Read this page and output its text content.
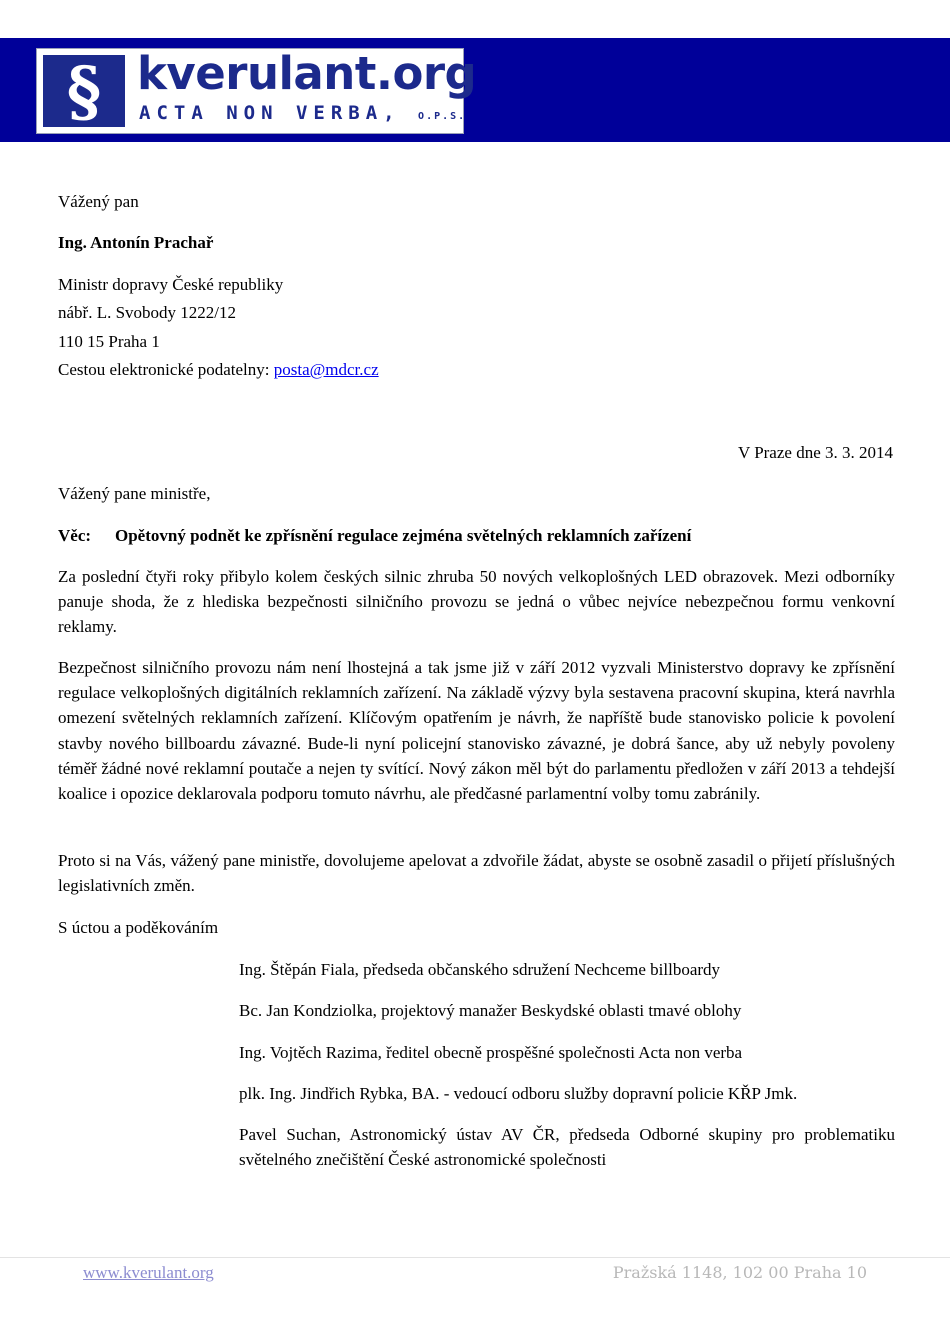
§ kverulant.org
ACTA NON VERBA, O.P.S.
Vážený pan
Ing. Antonín Prachař
Ministr dopravy České republiky
nábř. L. Svobody 1222/12
110 15 Praha 1
Cestou elektronické podatelny: posta@mdcr.cz
V Praze dne 3. 3. 2014
Vážený pane ministře,
Věc: Opětovný podnět ke zpřísnění regulace zejména světelných reklamních zařízení
Za poslední čtyři roky přibylo kolem českých silnic zhruba 50 nových velkoplošných LED obrazovek. Mezi odborníky panuje shoda, že z hlediska bezpečnosti silničního provozu se jedná o vůbec nejvíce nebezpečnou formu venkovní reklamy.
Bezpečnost silničního provozu nám není lhostejná a tak jsme již v září 2012 vyzvali Ministerstvo dopravy ke zpřísnění regulace velkoplošných digitálních reklamních zařízení. Na základě výzvy byla sestavena pracovní skupina, která navrhla omezení světelných reklamních zařízení. Klíčovým opatřením je návrh, že napříště bude stanovisko policie k povolení stavby nového billboardu závazné. Bude-li nyní policejní stanovisko závazné, je dobrá šance, aby už nebyly povoleny téměř žádné nové reklamní poutače a nejen ty svítící. Nový zákon měl být do parlamentu předložen v září 2013 a tehdejší koalice i opozice deklarovala podporu tomuto návrhu, ale předčasné parlamentní volby tomu zabránily.
Proto si na Vás, vážený pane ministře, dovolujeme apelovat a zdvořile žádat, abyste se osobně zasadil o přijetí příslušných legislativních změn.
S úctou a poděkováním
Ing. Štěpán Fiala, předseda občanského sdružení Nechceme billboardy
Bc. Jan Kondziolka, projektový manažer Beskydské oblasti tmavé oblohy
Ing. Vojtěch Razima, ředitel obecně prospěšné společnosti Acta non verba
plk. Ing. Jindřich Rybka, BA. - vedoucí odboru služby dopravní policie KŘP Jmk.
Pavel Suchan, Astronomický ústav AV ČR, předseda Odborné skupiny pro problematiku světelného znečištění České astronomické společnosti
www.kverulant.org	Pražská 1148, 102 00 Praha 10
